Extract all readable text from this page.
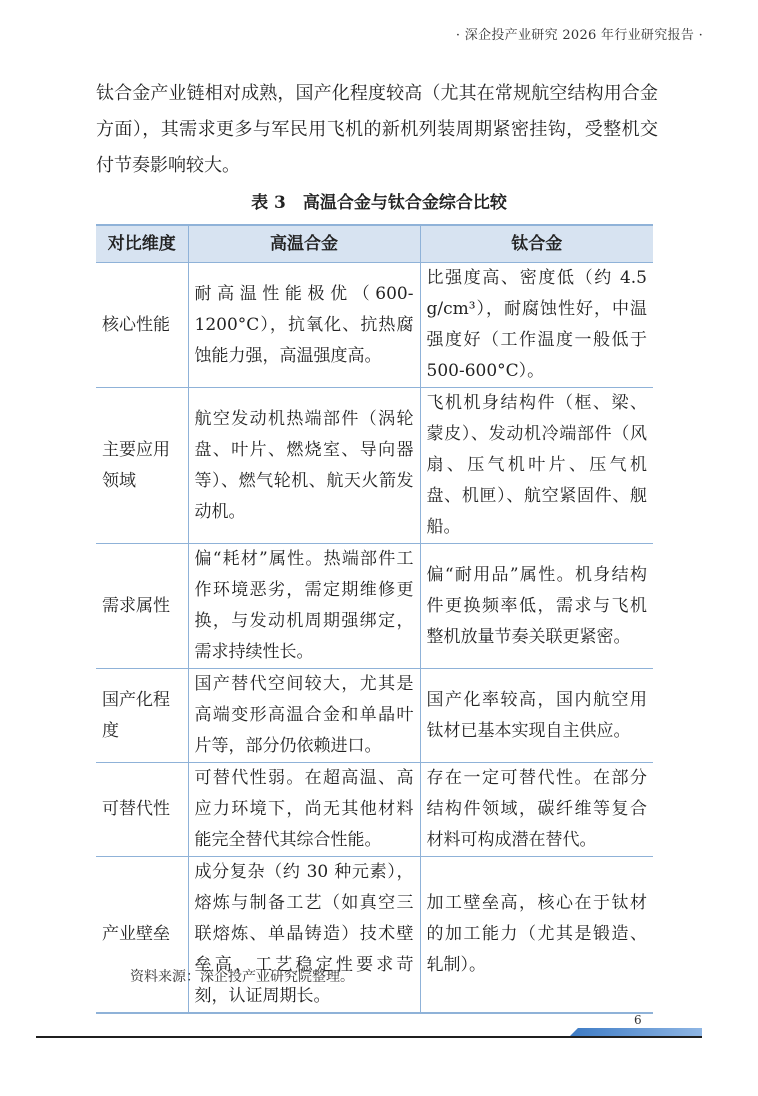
· 深企投产业研究 2026 年行业研究报告 ·

钛合金产业链相对成熟，国产化程度较高（尤其在常规航空结构用合金方面），其需求更多与军民用飞机的新机列装周期紧密挂钩，受整机交付节奏影响较大。

表 3　高温合金与钛合金综合比较
对比维度	高温合金	钛合金
核心性能	耐高温性能极优（600-1200°C），抗氧化、抗热腐蚀能力强，高温强度高。	比强度高、密度低（约 4.5 g/cm³），耐腐蚀性好，中温强度好（工作温度一般低于 500-600°C）。
主要应用领域	航空发动机热端部件（涡轮盘、叶片、燃烧室、导向器等）、燃气轮机、航天火箭发动机。	飞机机身结构件（框、梁、蒙皮）、发动机冷端部件（风扇、压气机叶片、压气机盘、机匣）、航空紧固件、舰船。
需求属性	偏“耗材”属性。热端部件工作环境恶劣，需定期维修更换，与发动机周期强绑定，需求持续性长。	偏“耐用品”属性。机身结构件更换频率低，需求与飞机整机放量节奏关联更紧密。
国产化程度	国产替代空间较大，尤其是高端变形高温合金和单晶叶片等，部分仍依赖进口。	国产化率较高，国内航空用钛材已基本实现自主供应。
可替代性	可替代性弱。在超高温、高应力环境下，尚无其他材料能完全替代其综合性能。	存在一定可替代性。在部分结构件领域，碳纤维等复合材料可构成潜在替代。
产业壁垒	成分复杂（约 30 种元素），熔炼与制备工艺（如真空三联熔炼、单晶铸造）技术壁垒高，工艺稳定性要求苛刻，认证周期长。	加工壁垒高，核心在于钛材的加工能力（尤其是锻造、轧制）。
资料来源：深企投产业研究院整理。
6
